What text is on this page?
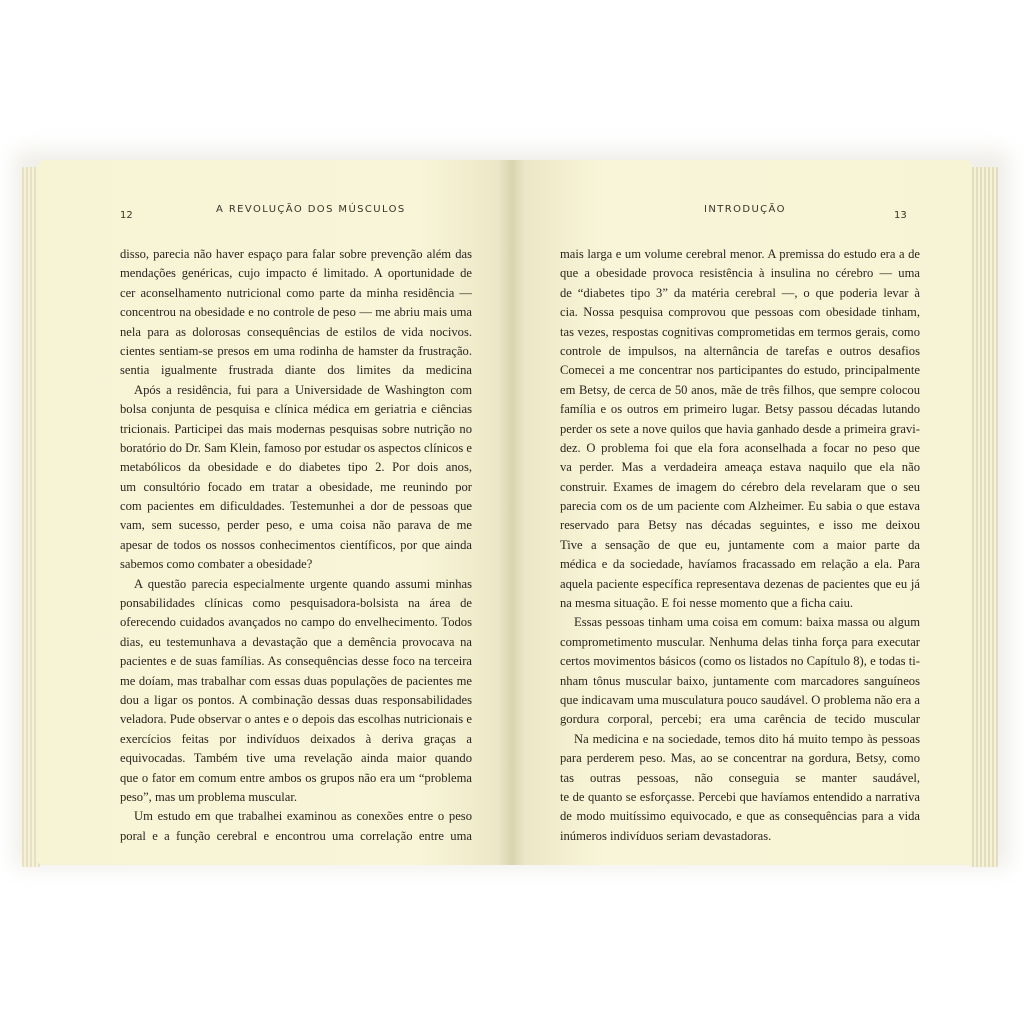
12
A REVOLUÇÃO DOS MÚSCULOS
disso, parecia não haver espaço para falar sobre prevenção além das
mendações genéricas, cujo impacto é limitado. A oportunidade de
cer aconselhamento nutricional como parte da minha residência —
concentrou na obesidade e no controle de peso — me abriu mais uma
nela para as dolorosas consequências de estilos de vida nocivos.
cientes sentiam-se presos em uma rodinha de hamster da frustração.
sentia igualmente frustrada diante dos limites da medicina
Após a residência, fui para a Universidade de Washington com
bolsa conjunta de pesquisa e clínica médica em geriatria e ciências
tricionais. Participei das mais modernas pesquisas sobre nutrição no
boratório do Dr. Sam Klein, famoso por estudar os aspectos clínicos e
metabólicos da obesidade e do diabetes tipo 2. Por dois anos,
um consultório focado em tratar a obesidade, me reunindo por
com pacientes em dificuldades. Testemunhei a dor de pessoas que
vam, sem sucesso, perder peso, e uma coisa não parava de me
apesar de todos os nossos conhecimentos científicos, por que ainda
sabemos como combater a obesidade?
A questão parecia especialmente urgente quando assumi minhas
ponsabilidades clínicas como pesquisadora-bolsista na área de
oferecendo cuidados avançados no campo do envelhecimento. Todos
dias, eu testemunhava a devastação que a demência provocava na
pacientes e de suas famílias. As consequências desse foco na terceira
me doíam, mas trabalhar com essas duas populações de pacientes me
dou a ligar os pontos. A combinação dessas duas responsabilidades
veladora. Pude observar o antes e o depois das escolhas nutricionais e
exercícios feitas por indivíduos deixados à deriva graças a
equivocadas. Também tive uma revelação ainda maior quando
que o fator em comum entre ambos os grupos não era um “problema
peso”, mas um problema muscular.
Um estudo em que trabalhei examinou as conexões entre o peso
poral e a função cerebral e encontrou uma correlação entre uma
INTRODUÇÃO
13
mais larga e um volume cerebral menor. A premissa do estudo era a de
que a obesidade provoca resistência à insulina no cérebro — uma
de “diabetes tipo 3” da matéria cerebral —, o que poderia levar à
cia. Nossa pesquisa comprovou que pessoas com obesidade tinham,
tas vezes, respostas cognitivas comprometidas em termos gerais, como
controle de impulsos, na alternância de tarefas e outros desafios
Comecei a me concentrar nos participantes do estudo, principalmente
em Betsy, de cerca de 50 anos, mãe de três filhos, que sempre colocou
família e os outros em primeiro lugar. Betsy passou décadas lutando
perder os sete a nove quilos que havia ganhado desde a primeira gravi-
dez. O problema foi que ela fora aconselhada a focar no peso que
va perder. Mas a verdadeira ameaça estava naquilo que ela não
construir. Exames de imagem do cérebro dela revelaram que o seu
parecia com os de um paciente com Alzheimer. Eu sabia o que estava
reservado para Betsy nas décadas seguintes, e isso me deixou
Tive a sensação de que eu, juntamente com a maior parte da
médica e da sociedade, havíamos fracassado em relação a ela. Para
aquela paciente específica representava dezenas de pacientes que eu já
na mesma situação. E foi nesse momento que a ficha caiu.
Essas pessoas tinham uma coisa em comum: baixa massa ou algum
comprometimento muscular. Nenhuma delas tinha força para executar
certos movimentos básicos (como os listados no Capítulo 8), e todas ti-
nham tônus muscular baixo, juntamente com marcadores sanguíneos
que indicavam uma musculatura pouco saudável. O problema não era a
gordura corporal, percebi; era uma carência de tecido muscular
Na medicina e na sociedade, temos dito há muito tempo às pessoas
para perderem peso. Mas, ao se concentrar na gordura, Betsy, como
tas outras pessoas, não conseguia se manter saudável,
te de quanto se esforçasse. Percebi que havíamos entendido a narrativa
de modo muitíssimo equivocado, e que as consequências para a vida
inúmeros indivíduos seriam devastadoras.
